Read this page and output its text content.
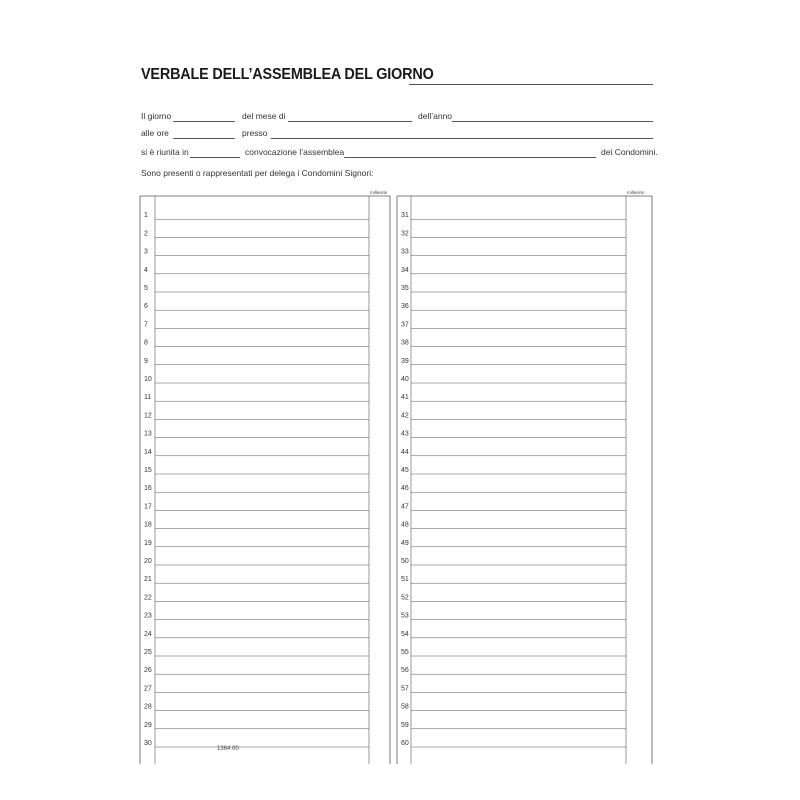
VERBALE DELL’ASSEMBLEA DEL GIORNO
Il giorno	del mese di	dell’anno
alle ore	presso
si è riunita in	convocazione l’assemblea	dei Condomini.
Sono presenti o rappresentati per delega i Condomini Signori:
millesimi	millesimi
1
2
3
4
5
6
7
8
9
10
11
12
13
14
15
16
17
18
19
20
21
22
23
24
25
26
27
28
29
30
31
32
33
34
35
36
37
38
39
40
41
42
43
44
45
46
47
48
49
50
51
52
53
54
55
56
57
58
59
60
1364 00
